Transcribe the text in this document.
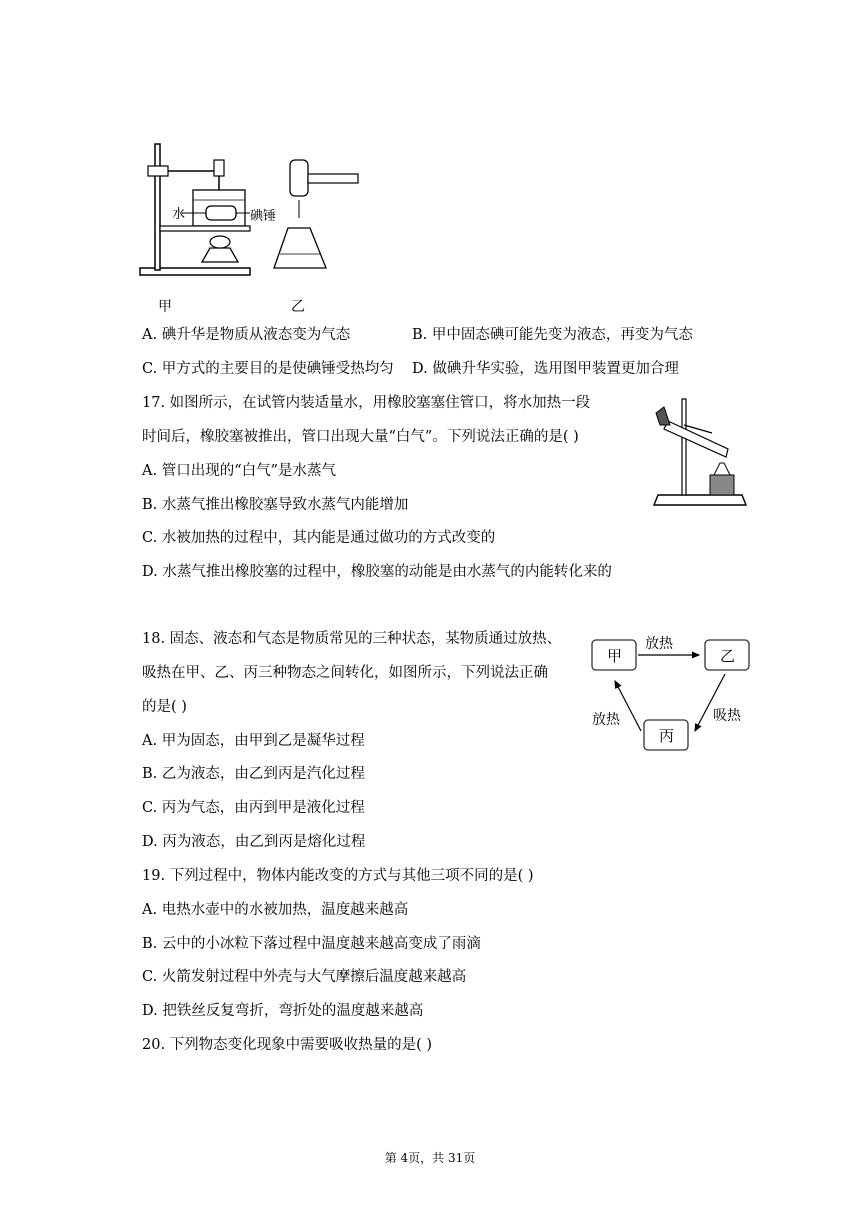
水	碘锤
甲	乙
A. 碘升华是物质从液态变为气态	B. 甲中固态碘可能先变为液态，再变为气态
C. 甲方式的主要目的是使碘锤受热均匀 D. 做碘升华实验，选用图甲装置更加合理
17. 如图所示，在试管内装适量水，用橡胶塞塞住管口，将水加热一段
时间后，橡胶塞被推出，管口出现大量“白气”。下列说法正确的是( )
A. 管口出现的“白气”是水蒸气
B. 水蒸气推出橡胶塞导致水蒸气内能增加
C. 水被加热的过程中，其内能是通过做功的方式改变的
D. 水蒸气推出橡胶塞的过程中，橡胶塞的动能是由水蒸气的内能转化来的
18. 固态、液态和气态是物质常见的三种状态，某物质通过放热、
吸热在甲、乙、丙三种物态之间转化，如图所示，下列说法正确
的是( )
A. 甲为固态，由甲到乙是凝华过程
B. 乙为液态，由乙到丙是汽化过程
C. 丙为气态，由丙到甲是液化过程
D. 丙为液态，由乙到丙是熔化过程
甲	乙
丙
放热
吸热
放热
19. 下列过程中，物体内能改变的方式与其他三项不同的是( )
A. 电热水壶中的水被加热，温度越来越高
B. 云中的小冰粒下落过程中温度越来越高变成了雨滴
C. 火箭发射过程中外壳与大气摩擦后温度越来越高
D. 把铁丝反复弯折，弯折处的温度越来越高
20. 下列物态变化现象中需要吸收热量的是( )
第 4页，共 31页
